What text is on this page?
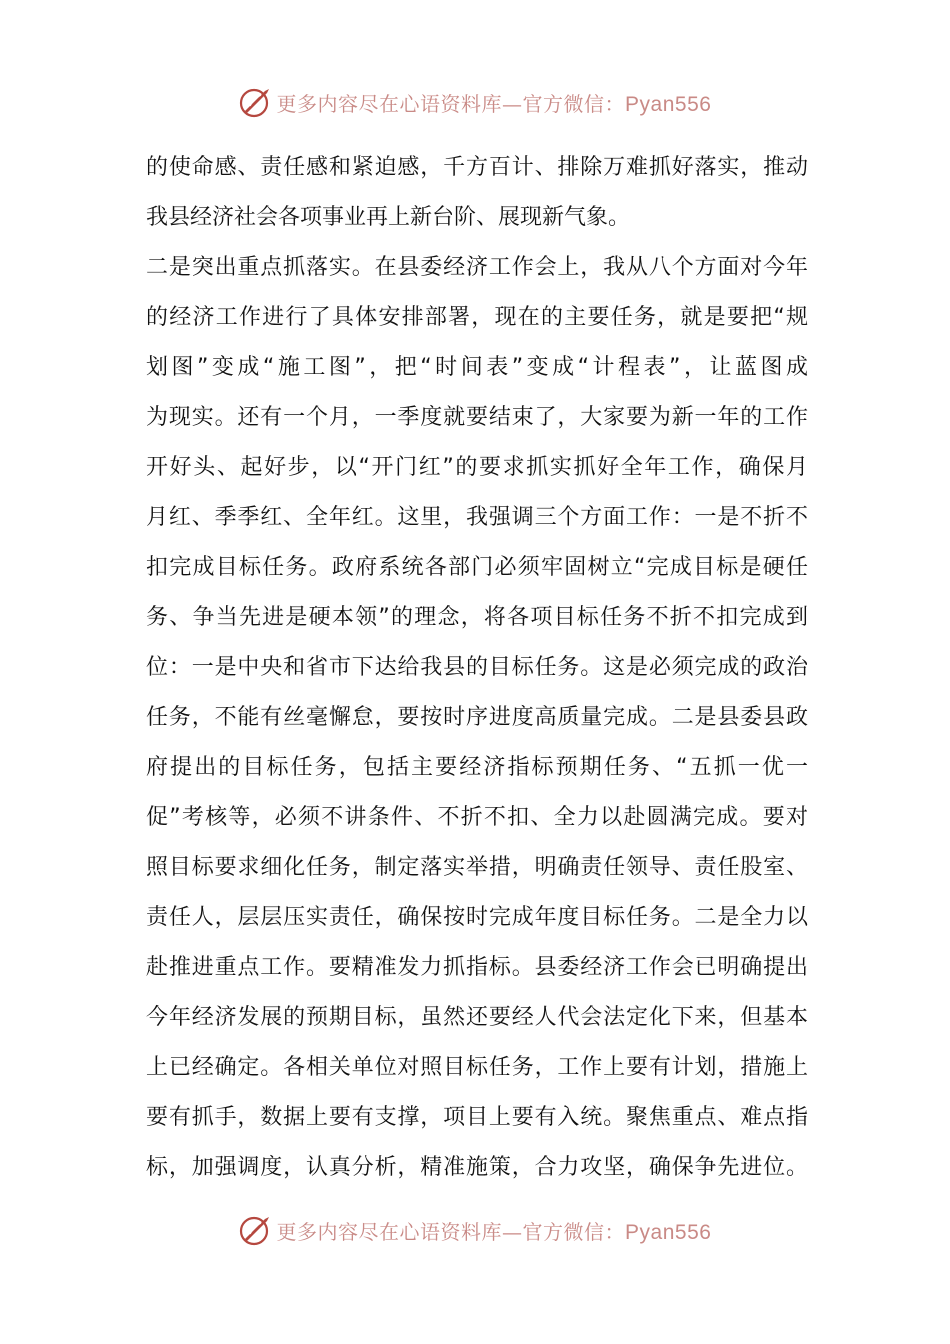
更多内容尽在心语资料库—官方微信：Pyan556
的使命感、责任感和紧迫感，千方百计、排除万难抓好落实，推动
我县经济社会各项事业再上新台阶、展现新气象。
二是突出重点抓落实。在县委经济工作会上，我从八个方面对今年
的经济工作进行了具体安排部署，现在的主要任务，就是要把“规
划图”变成“施工图”，把“时间表”变成“计程表”，让蓝图成
为现实。还有一个月，一季度就要结束了，大家要为新一年的工作
开好头、起好步，以“开门红”的要求抓实抓好全年工作，确保月
月红、季季红、全年红。这里，我强调三个方面工作：一是不折不
扣完成目标任务。政府系统各部门必须牢固树立“完成目标是硬任
务、争当先进是硬本领”的理念，将各项目标任务不折不扣完成到
位：一是中央和省市下达给我县的目标任务。这是必须完成的政治
任务，不能有丝毫懈怠，要按时序进度高质量完成。二是县委县政
府提出的目标任务，包括主要经济指标预期任务、“五抓一优一
促”考核等，必须不讲条件、不折不扣、全力以赴圆满完成。要对
照目标要求细化任务，制定落实举措，明确责任领导、责任股室、
责任人，层层压实责任，确保按时完成年度目标任务。二是全力以
赴推进重点工作。要精准发力抓指标。县委经济工作会已明确提出
今年经济发展的预期目标，虽然还要经人代会法定化下来，但基本
上已经确定。各相关单位对照目标任务，工作上要有计划，措施上
要有抓手，数据上要有支撑，项目上要有入统。聚焦重点、难点指
标，加强调度，认真分析，精准施策，合力攻坚，确保争先进位。
更多内容尽在心语资料库—官方微信：Pyan556
